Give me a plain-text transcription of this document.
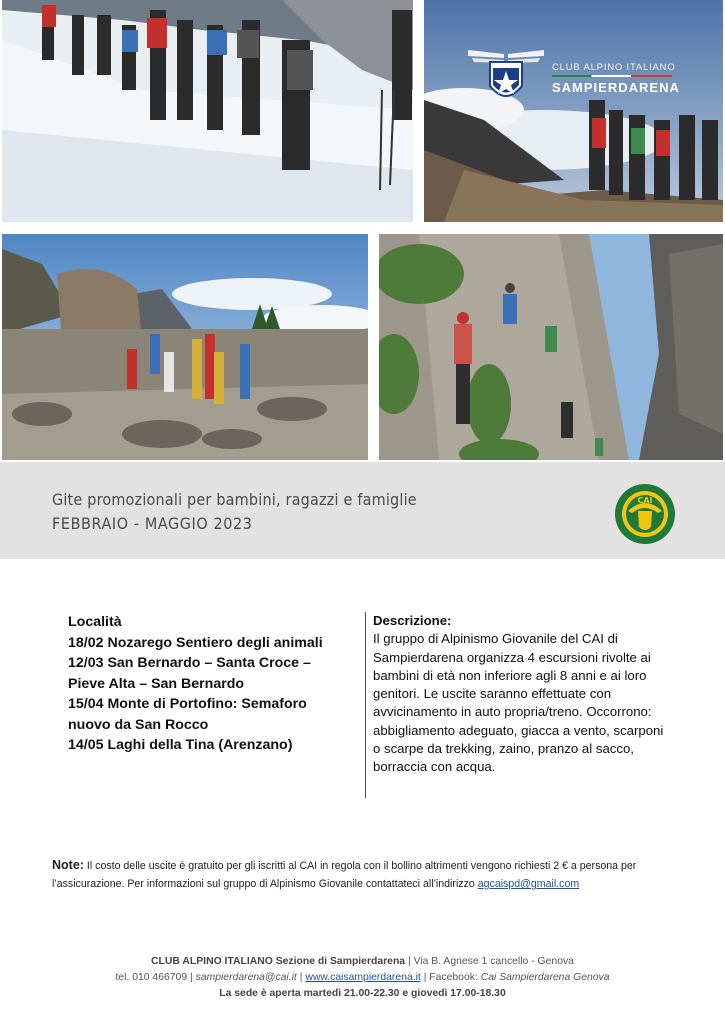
CLUB ALPINO ITALIANO
SAMPIERDARENA
Gite promozionali per bambini, ragazzi e famiglie
FEBBRAIO - MAGGIO 2023
CAI
Località
18/02 Nozarego Sentiero degli animali
12/03 San Bernardo – Santa Croce –
Pieve Alta – San Bernardo
15/04 Monte di Portofino: Semaforo
nuovo da San Rocco
14/05 Laghi della Tina (Arenzano)
Descrizione:
Il gruppo di Alpinismo Giovanile del CAI di Sampierdarena organizza 4 escursioni rivolte ai bambini di età non inferiore agli 8 anni e ai loro genitori. Le uscite saranno effettuate con avvicinamento in auto propria/treno. Occorrono: abbigliamento adeguato, giacca a vento, scarponi o scarpe da trekking, zaino, pranzo al sacco, borraccia con acqua.
Note: Il costo delle uscite è gratuito per gli iscritti al CAI in regola con il bollino altrimenti vengono richiesti 2 € a persona per l’assicurazione. Per informazioni sul gruppo di Alpinismo Giovanile contattateci all’indirizzo agcaispd@gmail.com
CLUB ALPINO ITALIANO Sezione di Sampierdarena | Via B. Agnese 1 cancello - Genova
tel. 010 466709 | sampierdarena@cai.it | www.caisampierdarena.it | Facebook: Cai Sampierdarena Genova
La sede è aperta martedì 21.00-22.30 e giovedì 17.00-18.30
